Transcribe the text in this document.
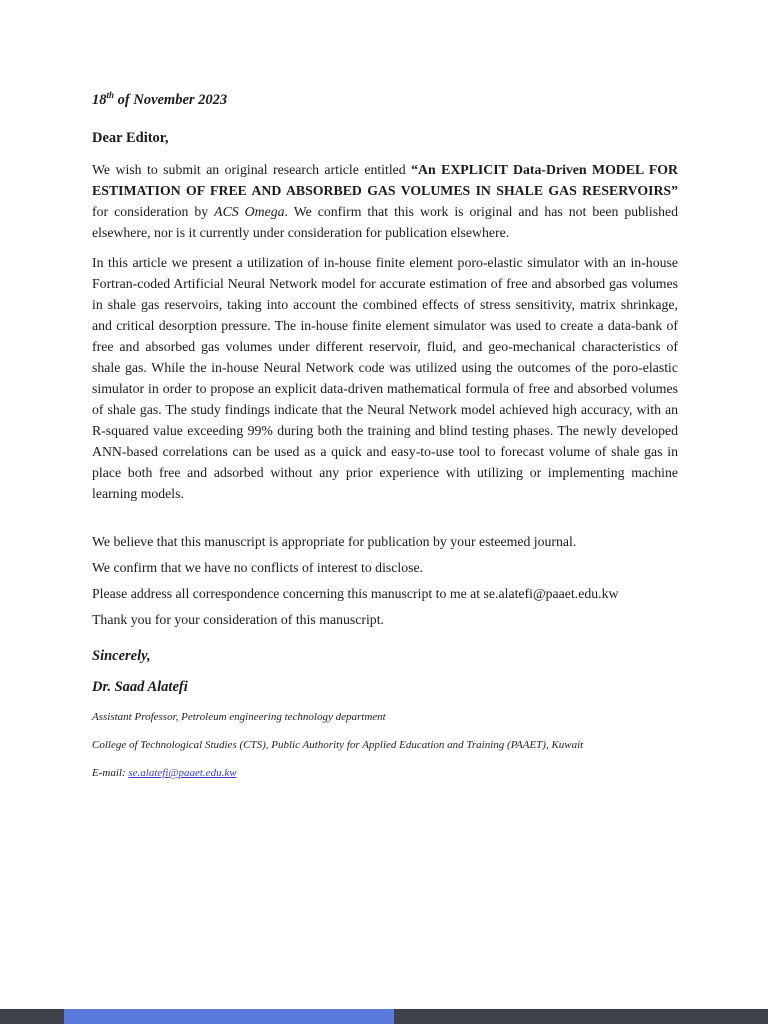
18th of November 2023

Dear Editor,

We wish to submit an original research article entitled “An EXPLICIT Data-Driven MODEL FOR ESTIMATION OF FREE AND ABSORBED GAS VOLUMES IN SHALE GAS RESERVOIRS” for consideration by ACS Omega. We confirm that this work is original and has not been published elsewhere, nor is it currently under consideration for publication elsewhere.

In this article we present a utilization of in-house finite element poro-elastic simulator with an in-house Fortran-coded Artificial Neural Network model for accurate estimation of free and absorbed gas volumes in shale gas reservoirs, taking into account the combined effects of stress sensitivity, matrix shrinkage, and critical desorption pressure. The in-house finite element simulator was used to create a data-bank of free and absorbed gas volumes under different reservoir, fluid, and geo-mechanical characteristics of shale gas. While the in-house Neural Network code was utilized using the outcomes of the poro-elastic simulator in order to propose an explicit data-driven mathematical formula of free and absorbed volumes of shale gas. The study findings indicate that the Neural Network model achieved high accuracy, with an R-squared value exceeding 99% during both the training and blind testing phases. The newly developed ANN-based correlations can be used as a quick and easy-to-use tool to forecast volume of shale gas in place both free and adsorbed without any prior experience with utilizing or implementing machine learning models.

We believe that this manuscript is appropriate for publication by your esteemed journal.

We confirm that we have no conflicts of interest to disclose.

Please address all correspondence concerning this manuscript to me at se.alatefi@paaet.edu.kw

Thank you for your consideration of this manuscript.

Sincerely,

Dr. Saad Alatefi

Assistant Professor, Petroleum engineering technology department

College of Technological Studies (CTS), Public Authority for Applied Education and Training (PAAET), Kuwait

E-mail: se.alatefi@paaet.edu.kw
